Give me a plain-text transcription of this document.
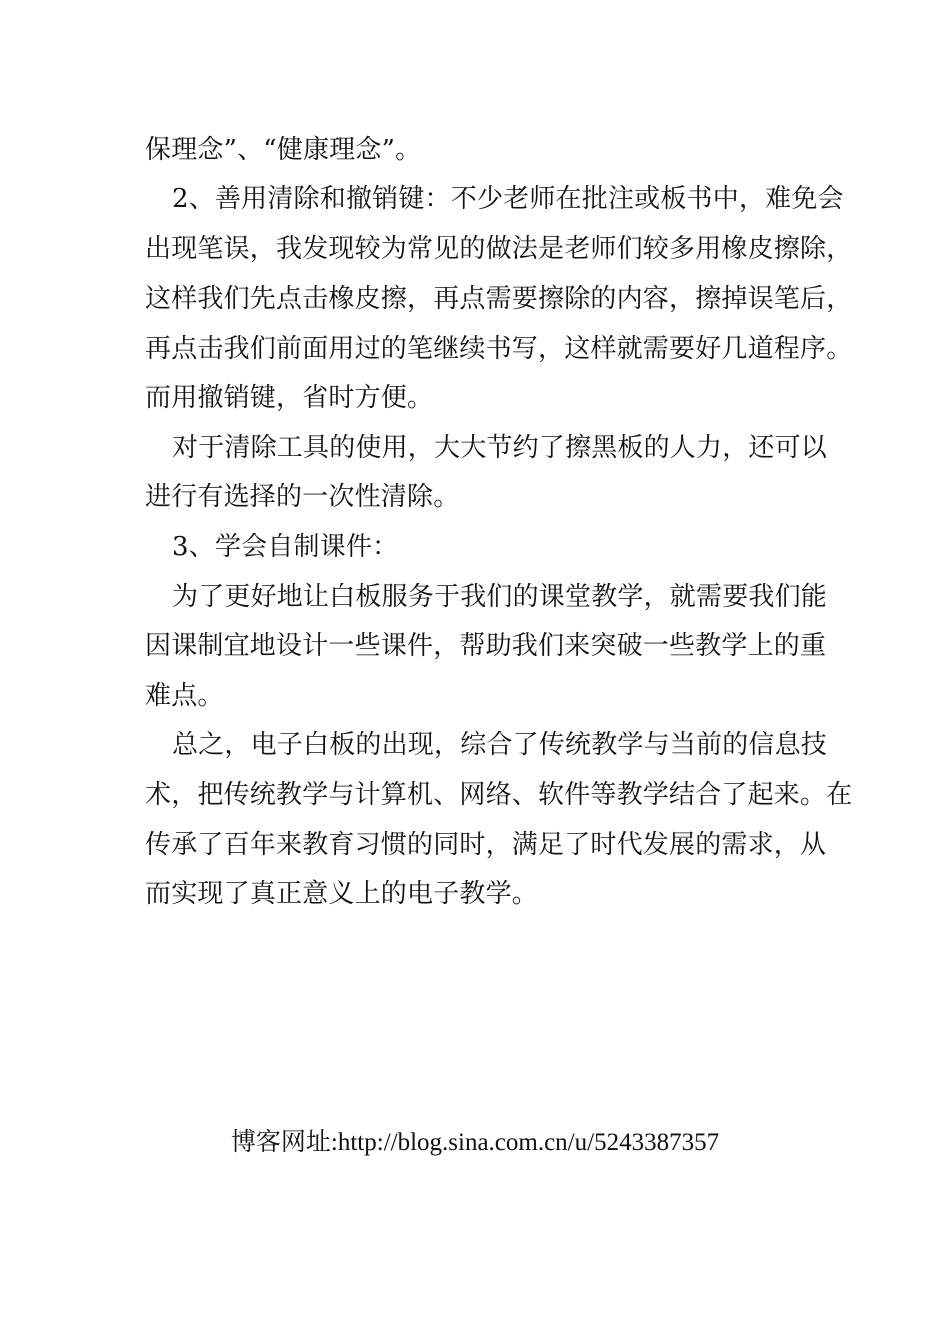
保理念”、“健康理念”。
2、善用清除和撤销键：不少老师在批注或板书中，难免会
出现笔误，我发现较为常见的做法是老师们较多用橡皮擦除，
这样我们先点击橡皮擦，再点需要擦除的内容，擦掉误笔后，
再点击我们前面用过的笔继续书写，这样就需要好几道程序。
而用撤销键，省时方便。
对于清除工具的使用，大大节约了擦黑板的人力，还可以
进行有选择的一次性清除。
3、学会自制课件：
为了更好地让白板服务于我们的课堂教学，就需要我们能
因课制宜地设计一些课件，帮助我们来突破一些教学上的重
难点。
总之，电子白板的出现，综合了传统教学与当前的信息技
术，把传统教学与计算机、网络、软件等教学结合了起来。在
传承了百年来教育习惯的同时，满足了时代发展的需求，从
而实现了真正意义上的电子教学。
博客网址:http://blog.sina.com.cn/u/5243387357
